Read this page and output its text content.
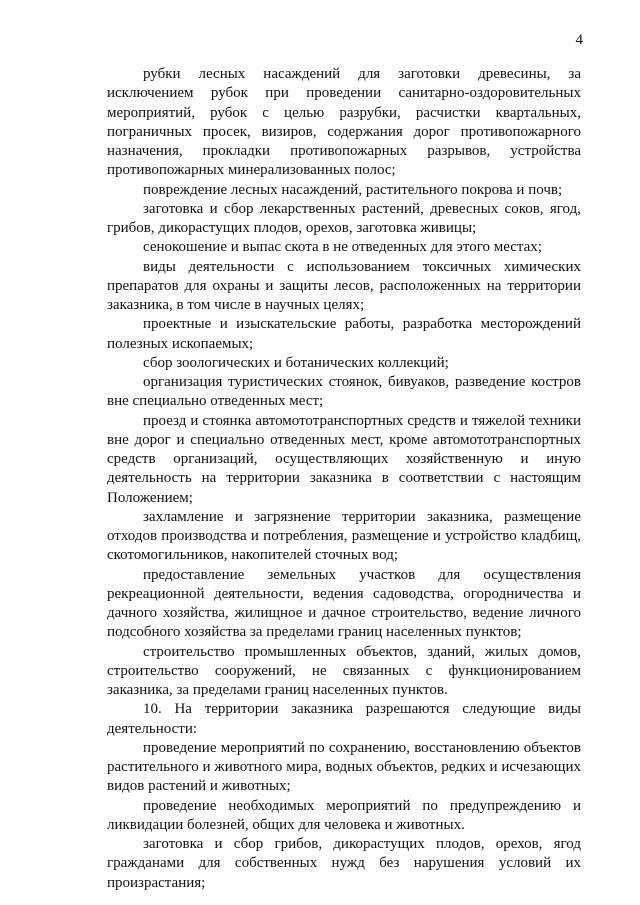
4

рубки лесных насаждений для заготовки древесины, за исключением рубок при проведении санитарно-оздоровительных мероприятий, рубок с целью разрубки, расчистки квартальных, пограничных просек, визиров, содержания дорог противопожарного назначения, прокладки противопожарных разрывов, устройства противопожарных минерализованных полос;

повреждение лесных насаждений, растительного покрова и почв;

заготовка и сбор лекарственных растений, древесных соков, ягод, грибов, дикорастущих плодов, орехов, заготовка живицы;

сенокошение и выпас скота в не отведенных для этого местах;

виды деятельности с использованием токсичных химических препаратов для охраны и защиты лесов, расположенных на территории заказника, в том числе в научных целях;

проектные и изыскательские работы, разработка месторождений полезных ископаемых;

сбор зоологических и ботанических коллекций;

организация туристических стоянок, бивуаков, разведение костров вне специально отведенных мест;

проезд и стоянка автомототранспортных средств и тяжелой техники вне дорог и специально отведенных мест, кроме автомототранспортных средств организаций, осуществляющих хозяйственную и иную деятельность на территории заказника в соответствии с настоящим Положением;

захламление и загрязнение территории заказника, размещение отходов производства и потребления, размещение и устройство кладбищ, скотомогильников, накопителей сточных вод;

предоставление земельных участков для осуществления рекреационной деятельности, ведения садоводства, огородничества и дачного хозяйства, жилищное и дачное строительство, ведение личного подсобного хозяйства за пределами границ населенных пунктов;

строительство промышленных объектов, зданий, жилых домов, строительство сооружений, не связанных с функционированием заказника, за пределами границ населенных пунктов.

10. На территории заказника разрешаются следующие виды деятельности:

проведение мероприятий по сохранению, восстановлению объектов растительного и животного мира, водных объектов, редких и исчезающих видов растений и животных;

проведение необходимых мероприятий по предупреждению и ликвидации болезней, общих для человека и животных.

заготовка и сбор грибов, дикорастущих плодов, орехов, ягод гражданами для собственных нужд без нарушения условий их произрастания;
